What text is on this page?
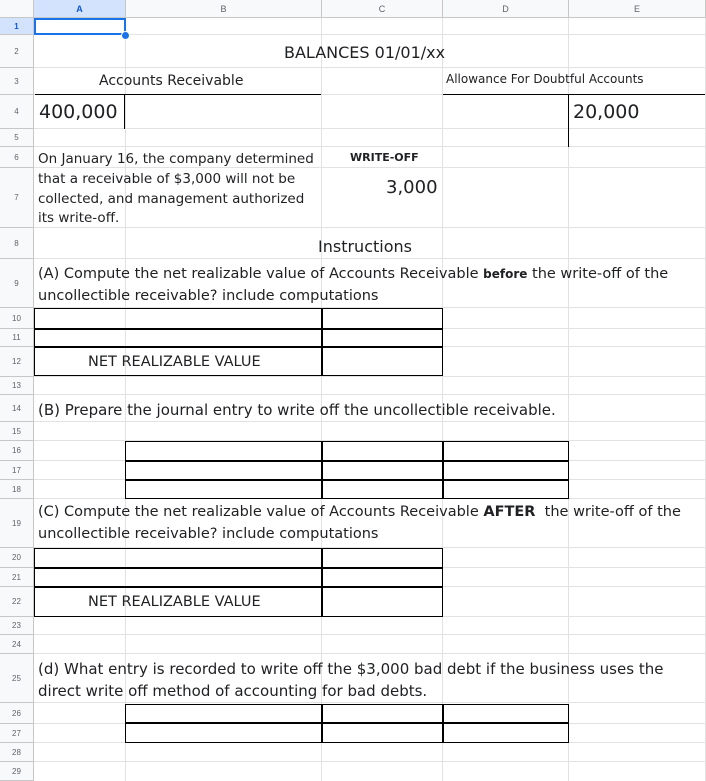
A	B	C	D	E
1
2
3
4
5
6
7
8
9
10
11
12
13
14
15
16
17
18
19
20
21
22
23
24
25
26
27
28
29
BALANCES 01/01/xx
Accounts Receivable	Allowance For Doubtful Accounts
400,000	20,000
On January 16, the company determined
that a receivable of $3,000 will not be
collected, and management authorized
its write-off.
WRITE-OFF
3,000
Instructions
(A) Compute the net realizable value of Accounts Receivable before the write-off of the
uncollectible receivable? include computations
NET REALIZABLE VALUE
(B) Prepare the journal entry to write off the uncollectible receivable.
(C) Compute the net realizable value of Accounts Receivable AFTER  the write-off of the
uncollectible receivable? include computations
NET REALIZABLE VALUE
(d) What entry is recorded to write off the $3,000 bad debt if the business uses the
direct write off method of accounting for bad debts.
